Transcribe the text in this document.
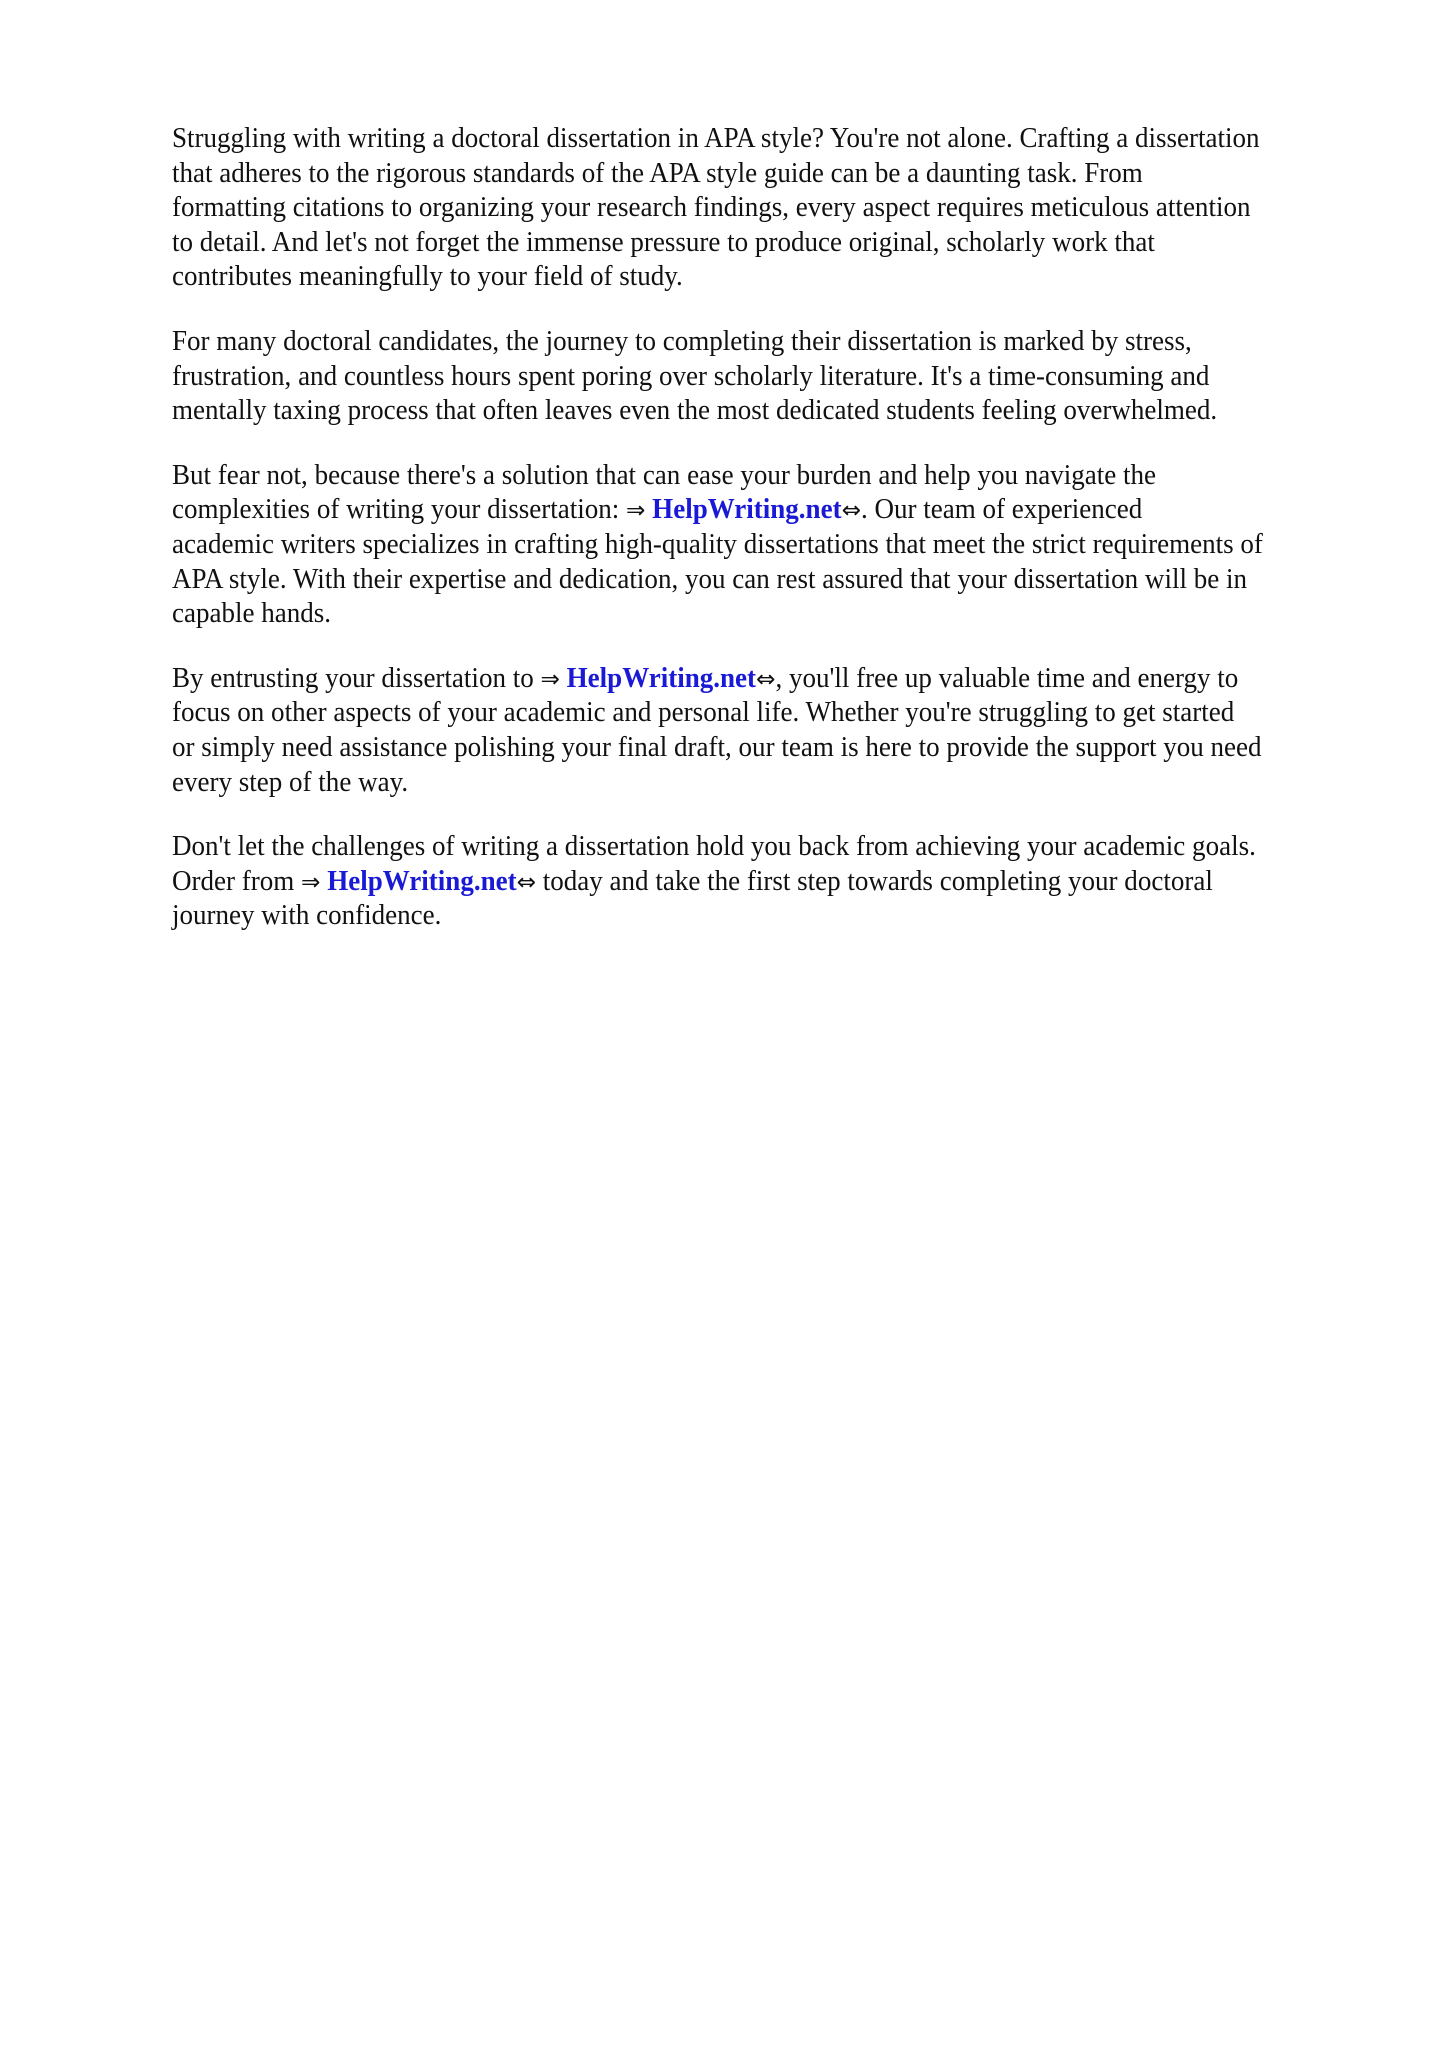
Struggling with writing a doctoral dissertation in APA style? You're not alone. Crafting a dissertation
that adheres to the rigorous standards of the APA style guide can be a daunting task. From
formatting citations to organizing your research findings, every aspect requires meticulous attention
to detail. And let's not forget the immense pressure to produce original, scholarly work that
contributes meaningfully to your field of study.

For many doctoral candidates, the journey to completing their dissertation is marked by stress,
frustration, and countless hours spent poring over scholarly literature. It's a time-consuming and
mentally taxing process that often leaves even the most dedicated students feeling overwhelmed.

But fear not, because there's a solution that can ease your burden and help you navigate the
complexities of writing your dissertation: ⇒ HelpWriting.net⇔. Our team of experienced
academic writers specializes in crafting high-quality dissertations that meet the strict requirements of
APA style. With their expertise and dedication, you can rest assured that your dissertation will be in
capable hands.

By entrusting your dissertation to ⇒ HelpWriting.net⇔, you'll free up valuable time and energy to
focus on other aspects of your academic and personal life. Whether you're struggling to get started
or simply need assistance polishing your final draft, our team is here to provide the support you need
every step of the way.

Don't let the challenges of writing a dissertation hold you back from achieving your academic goals.
Order from ⇒ HelpWriting.net⇔ today and take the first step towards completing your doctoral
journey with confidence.
